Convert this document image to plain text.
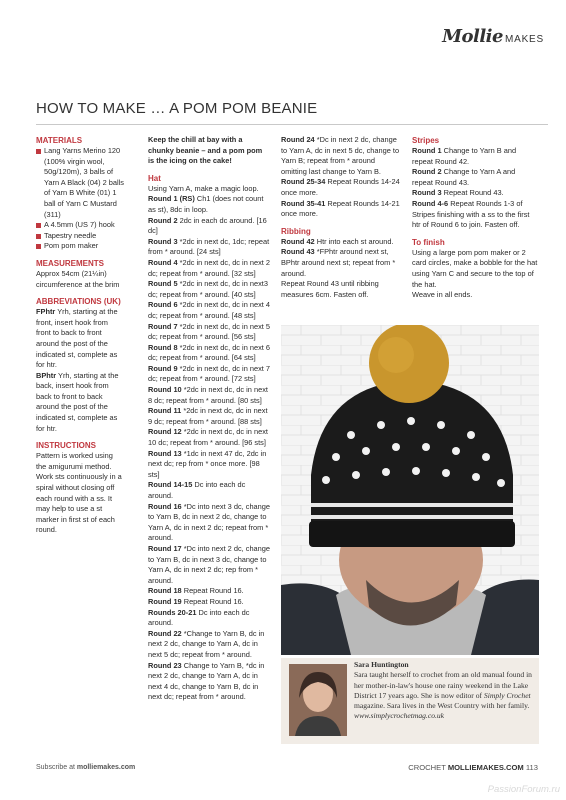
Mollie MAKES
HOW TO MAKE … A POM POM BEANIE

MATERIALS

Lang Yarns Merino 120 (100% virgin wool, 50g/120m), 3 balls of Yarn A Black (04) 2 balls of Yarn B White (01) 1 ball of Yarn C Mustard (311)

A 4.5mm (US 7) hook

Tapestry needle

Pom pom maker

MEASUREMENTS

Approx 54cm (21¼in) circumference at the brim

ABBREVIATIONS (UK)

FPhtr Yrh, starting at the front, insert hook from front to back to front around the post of the indicated st, complete as for htr.

BPhtr Yrh, starting at the back, insert hook from back to front to back around the post of the indicated st, complete as for htr.

INSTRUCTIONS

Pattern is worked using the amigurumi method. Work sts continuously in a spiral without closing off each round with a ss. It may help to use a st marker in first st of each round.

Keep the chill at bay with a chunky beanie – and a pom pom is the icing on the cake!

Hat

Using Yarn A, make a magic loop.

Round 1 (RS) Ch1 (does not count as st), 8dc in loop.

Round 2 2dc in each dc around. [16 dc]

Round 3 *2dc in next dc, 1dc; repeat from * around. [24 sts]

Round 4 *2dc in next dc, dc in next 2 dc; repeat from * around. [32 sts]

Round 5 *2dc in next dc, dc in next3 dc; repeat from * around. [40 sts]

Round 6 *2dc in next dc, dc in next 4 dc; repeat from * around. [48 sts]

Round 7 *2dc in next dc, dc in next 5 dc; repeat from * around. [56 sts]

Round 8 *2dc in next dc, dc in next 6 dc; repeat from * around. [64 sts]

Round 9 *2dc in next dc, dc in next 7 dc; repeat from * around. [72 sts]

Round 10 *2dc in next dc, dc in next 8 dc; repeat from * around. [80 sts]

Round 11 *2dc in next dc, dc in next 9 dc; repeat from * around. [88 sts]

Round 12 *2dc in next dc, dc in next 10 dc; repeat from * around. [96 sts]

Round 13 *1dc in next 47 dc, 2dc in next dc; rep from * once more. [98 sts]

Round 14-15 Dc into each dc around.

Round 16 *Dc into next 3 dc, change to Yarn B, dc in next 2 dc, change to Yarn A, dc in next 2 dc; repeat from * around.

Round 17 *Dc into next 2 dc, change to Yarn B, dc in next 3 dc, change to Yarn A, dc in next 2 dc; rep from * around.

Round 18 Repeat Round 16.

Round 19 Repeat Round 16.

Rounds 20-21 Dc into each dc around.

Round 22 *Change to Yarn B, dc in next 2 dc, change to Yarn A, dc in next 5 dc; repeat from * around.

Round 23 Change to Yarn B, *dc in next 2 dc, change to Yarn A, dc in next 4 dc, change to Yarn B, dc in next dc; repeat from * around.

Round 24 *Dc in next 2 dc, change to Yarn A, dc in next 5 dc, change to Yarn B; repeat from * around omitting last change to Yarn B.

Round 25-34 Repeat Rounds 14-24 once more.

Round 35-41 Repeat Rounds 14-21 once more.

Ribbing

Round 42 Htr into each st around.

Round 43 *FPhtr around next st, BPhtr around next st; repeat from * around.

Repeat Round 43 until ribbing measures 6cm. Fasten off.

Stripes

Round 1 Change to Yarn B and repeat Round 42.

Round 2 Change to Yarn A and repeat Round 43.

Round 3 Repeat Round 43.

Round 4-6 Repeat Rounds 1-3 of Stripes finishing with a ss to the first htr of Round 6 to join. Fasten off.

To finish

Using a large pom pom maker or 2 card circles, make a bobble for the hat using Yarn C and secure to the top of the hat.

Weave in all ends.

Sara Huntington
Sara taught herself to crochet from an old manual found in her mother-in-law's house one rainy weekend in the Lake District 17 years ago. She is now editor of Simply Crochet magazine. Sara lives in the West Country with her family.
www.simplycrochetmag.co.uk
Subscribe at molliemakes.com	CROCHET MOLLIEMAKES.COM 113
PassionForum.ru
